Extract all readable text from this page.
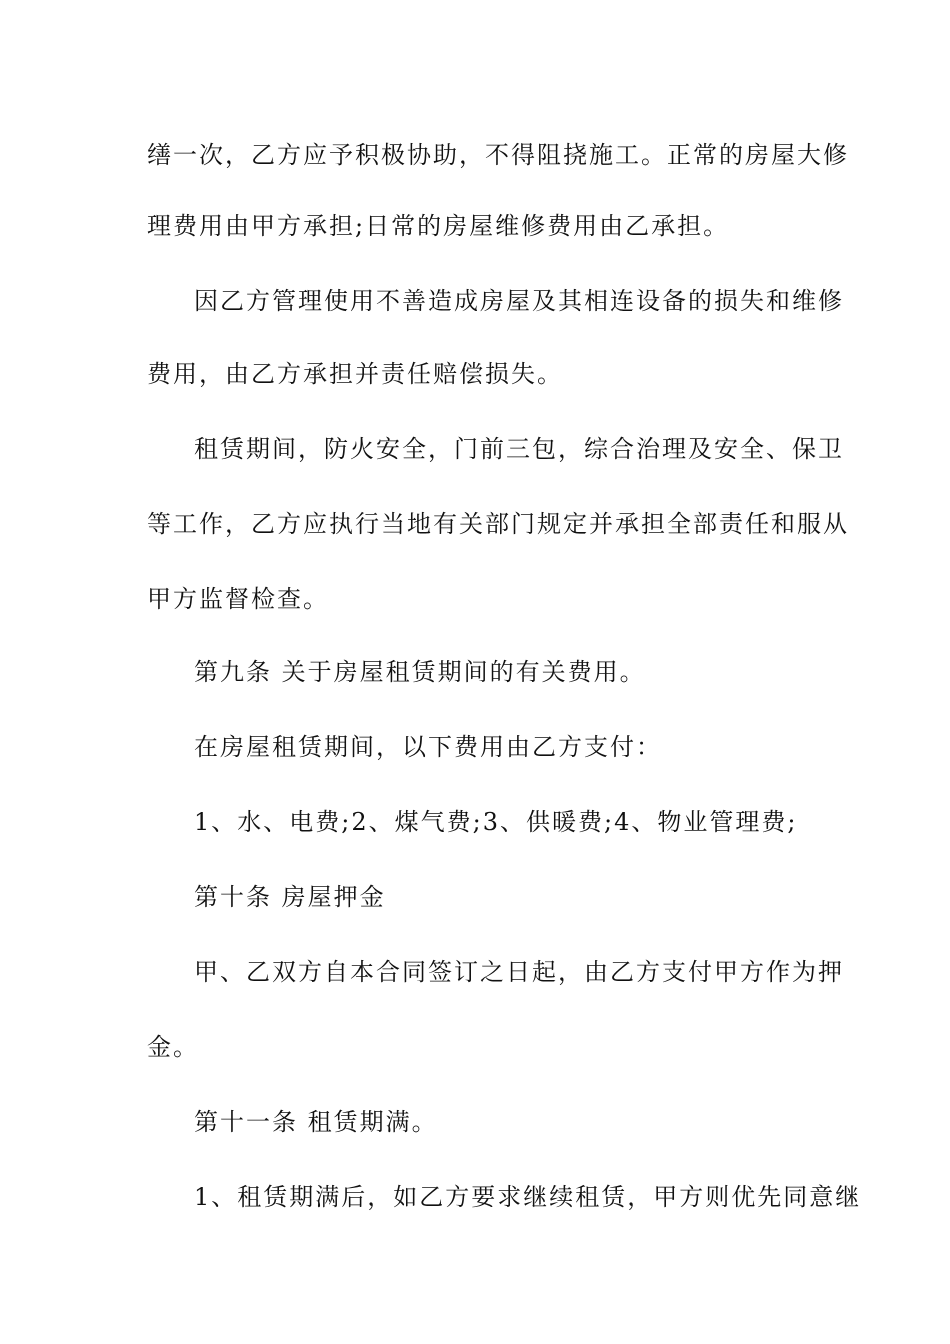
缮一次，乙方应予积极协助，不得阻挠施工。正常的房屋大修
理费用由甲方承担;日常的房屋维修费用由乙承担。
因乙方管理使用不善造成房屋及其相连设备的损失和维修
费用，由乙方承担并责任赔偿损失。
租赁期间，防火安全，门前三包，综合治理及安全、保卫
等工作，乙方应执行当地有关部门规定并承担全部责任和服从
甲方监督检查。
第九条 关于房屋租赁期间的有关费用。
在房屋租赁期间，以下费用由乙方支付：
1、水、电费;2、煤气费;3、供暖费;4、物业管理费;
第十条 房屋押金
甲、乙双方自本合同签订之日起，由乙方支付甲方作为押
金。
第十一条 租赁期满。
1、租赁期满后，如乙方要求继续租赁，甲方则优先同意继
